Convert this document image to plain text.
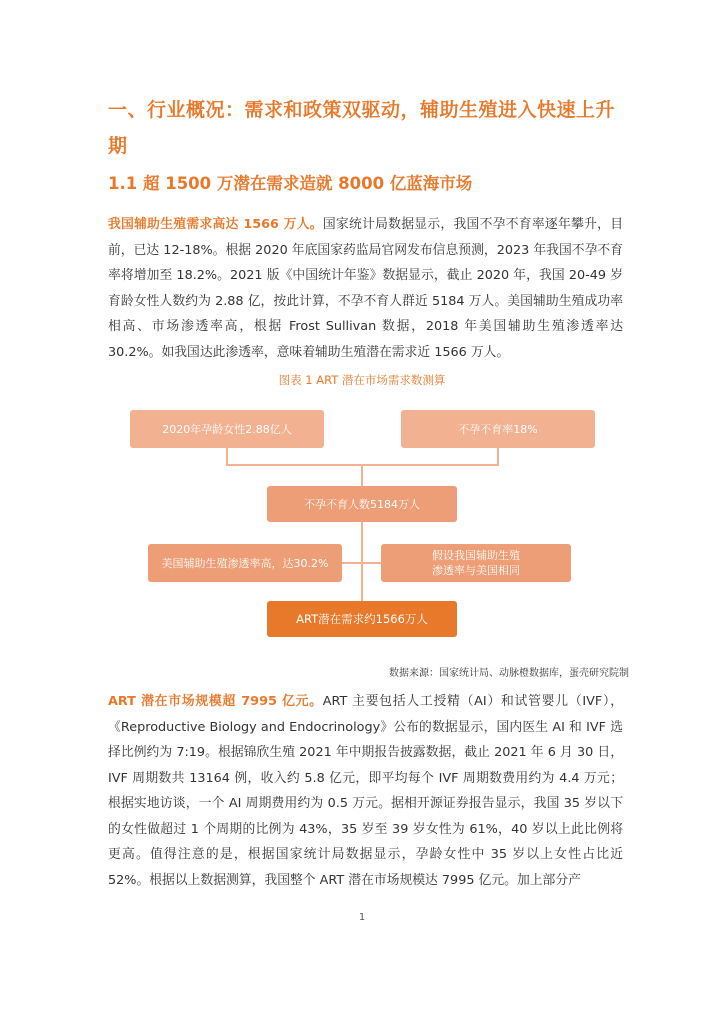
一、行业概况：需求和政策双驱动，辅助生殖进入快速上升期
1.1 超 1500 万潜在需求造就 8000 亿蓝海市场

我国辅助生殖需求高达 1566 万人。国家统计局数据显示，我国不孕不育率逐年攀升，目前，已达 12-18%。根据 2020 年底国家药监局官网发布信息预测，2023 年我国不孕不育率将增加至 18.2%。2021 版《中国统计年鉴》数据显示，截止 2020 年，我国 20-49 岁育龄女性人数约为 2.88 亿，按此计算，不孕不育人群近 5184 万人。美国辅助生殖成功率相高、市场渗透率高，根据 Frost Sullivan 数据，2018 年美国辅助生殖渗透率达 30.2%。如我国达此渗透率，意味着辅助生殖潜在需求近 1566 万人。

图表 1 ART 潜在市场需求数测算
2020年孕龄女性2.88亿人	不孕不育率18%
不孕不育人数5184万人
美国辅助生殖渗透率高，达30.2%
假设我国辅助生殖
渗透率与美国相同
ART潜在需求约1566万人
数据来源：国家统计局、动脉橙数据库，蛋壳研究院制

ART 潜在市场规模超 7995 亿元。ART 主要包括人工授精（AI）和试管婴儿（IVF），《Reproductive Biology and Endocrinology》公布的数据显示，国内医生 AI 和 IVF 选择比例约为 7:19。根据锦欣生殖 2021 年中期报告披露数据，截止 2021 年 6 月 30 日，IVF 周期数共 13164 例，收入约 5.8 亿元，即平均每个 IVF 周期数费用约为 4.4 万元；根据实地访谈，一个 AI 周期费用约为 0.5 万元。据相开源证券报告显示，我国 35 岁以下的女性做超过 1 个周期的比例为 43%，35 岁至 39 岁女性为 61%，40 岁以上此比例将更高。值得注意的是，根据国家统计局数据显示，孕龄女性中 35 岁以上女性占比近 52%。根据以上数据测算，我国整个 ART 潜在市场规模达 7995 亿元。加上部分产

1
